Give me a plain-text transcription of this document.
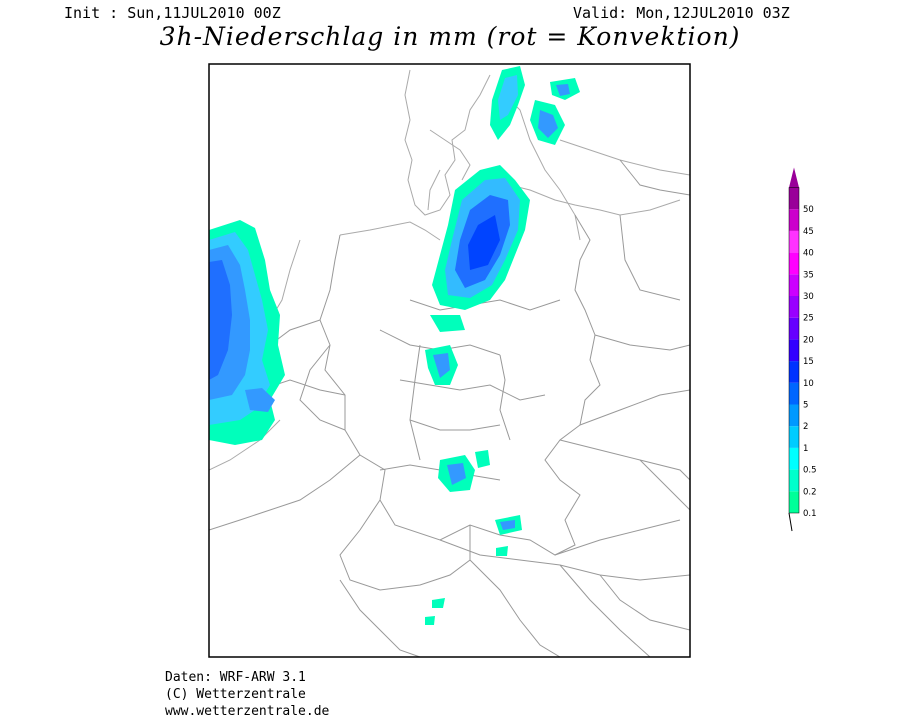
Init : Sun,11JUL2010 00Z	Valid: Mon,12JUL2010 03Z
3h-Niederschlag in mm (rot = Konvektion)
0.1
0.2
0.5
1
2
5
10
15
20
25
30
35
40
45
50
Daten: WRF-ARW 3.1
(C) Wetterzentrale
www.wetterzentrale.de
